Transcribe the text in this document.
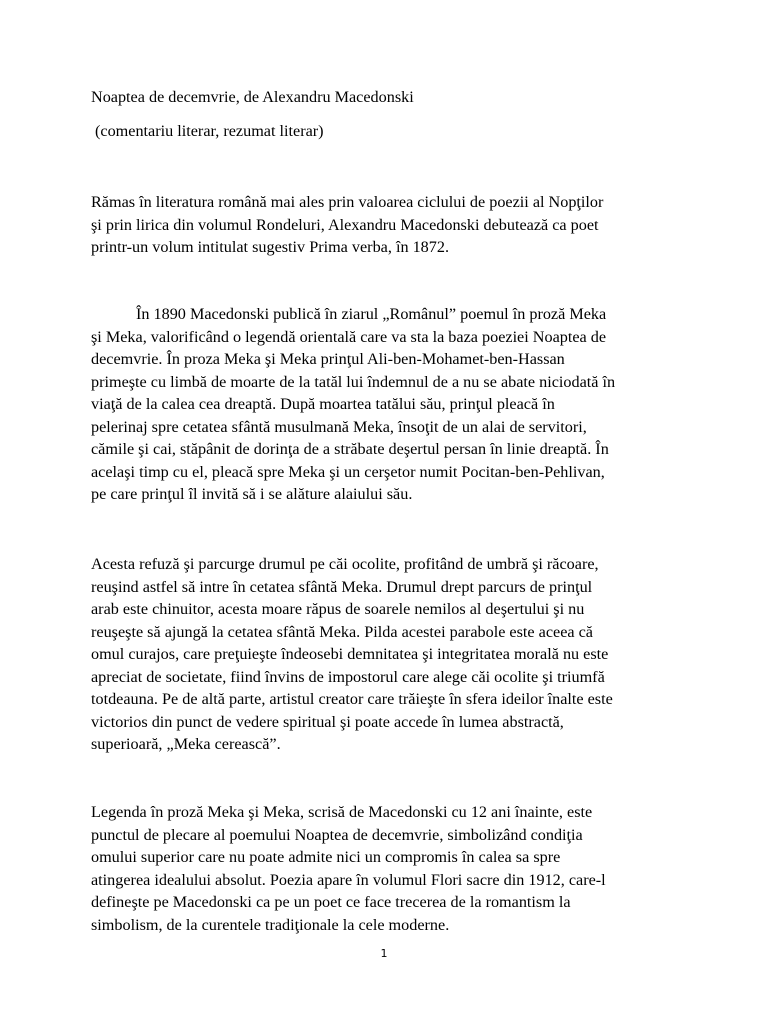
Noaptea de decemvrie, de Alexandru Macedonski

(comentariu literar, rezumat literar)

Rămas în literatura română mai ales prin valoarea ciclului de poezii al Nopţilor
şi prin lirica din volumul Rondeluri, Alexandru Macedonski debutează ca poet
printr-un volum intitulat sugestiv Prima verba, în 1872.
În 1890 Macedonski publică în ziarul „Românul” poemul în proză Meka
şi Meka, valorificând o legendă orientală care va sta la baza poeziei Noaptea de
decemvrie. În proza Meka şi Meka prinţul Ali-ben-Mohamet-ben-Hassan
primeşte cu limbă de moarte de la tatăl lui îndemnul de a nu se abate niciodată în
viaţă de la calea cea dreaptă. După moartea tatălui său, prinţul pleacă în
pelerinaj spre cetatea sfântă musulmană Meka, însoţit de un alai de servitori,
cămile şi cai, stăpânit de dorinţa de a străbate deşertul persan în linie dreaptă. În
acelaşi timp cu el, pleacă spre Meka şi un cerşetor numit Pocitan-ben-Pehlivan,
pe care prinţul îl invită să i se alăture alaiului său.
Acesta refuză şi parcurge drumul pe căi ocolite, profitând de umbră şi răcoare,
reuşind astfel să intre în cetatea sfântă Meka. Drumul drept parcurs de prinţul
arab este chinuitor, acesta moare răpus de soarele nemilos al deşertului şi nu
reuşeşte să ajungă la cetatea sfântă Meka. Pilda acestei parabole este aceea că
omul curajos, care preţuieşte îndeosebi demnitatea şi integritatea morală nu este
apreciat de societate, fiind învins de impostorul care alege căi ocolite şi triumfă
totdeauna. Pe de altă parte, artistul creator care trăieşte în sfera ideilor înalte este
victorios din punct de vedere spiritual şi poate accede în lumea abstractă,
superioară, „Meka cerească”.
Legenda în proză Meka şi Meka, scrisă de Macedonski cu 12 ani înainte, este
punctul de plecare al poemului Noaptea de decemvrie, simbolizând condiţia
omului superior care nu poate admite nici un compromis în calea sa spre
atingerea idealului absolut. Poezia apare în volumul Flori sacre din 1912, care-l
defineşte pe Macedonski ca pe un poet ce face trecerea de la romantism la
simbolism, de la curentele tradiţionale la cele moderne.
1
